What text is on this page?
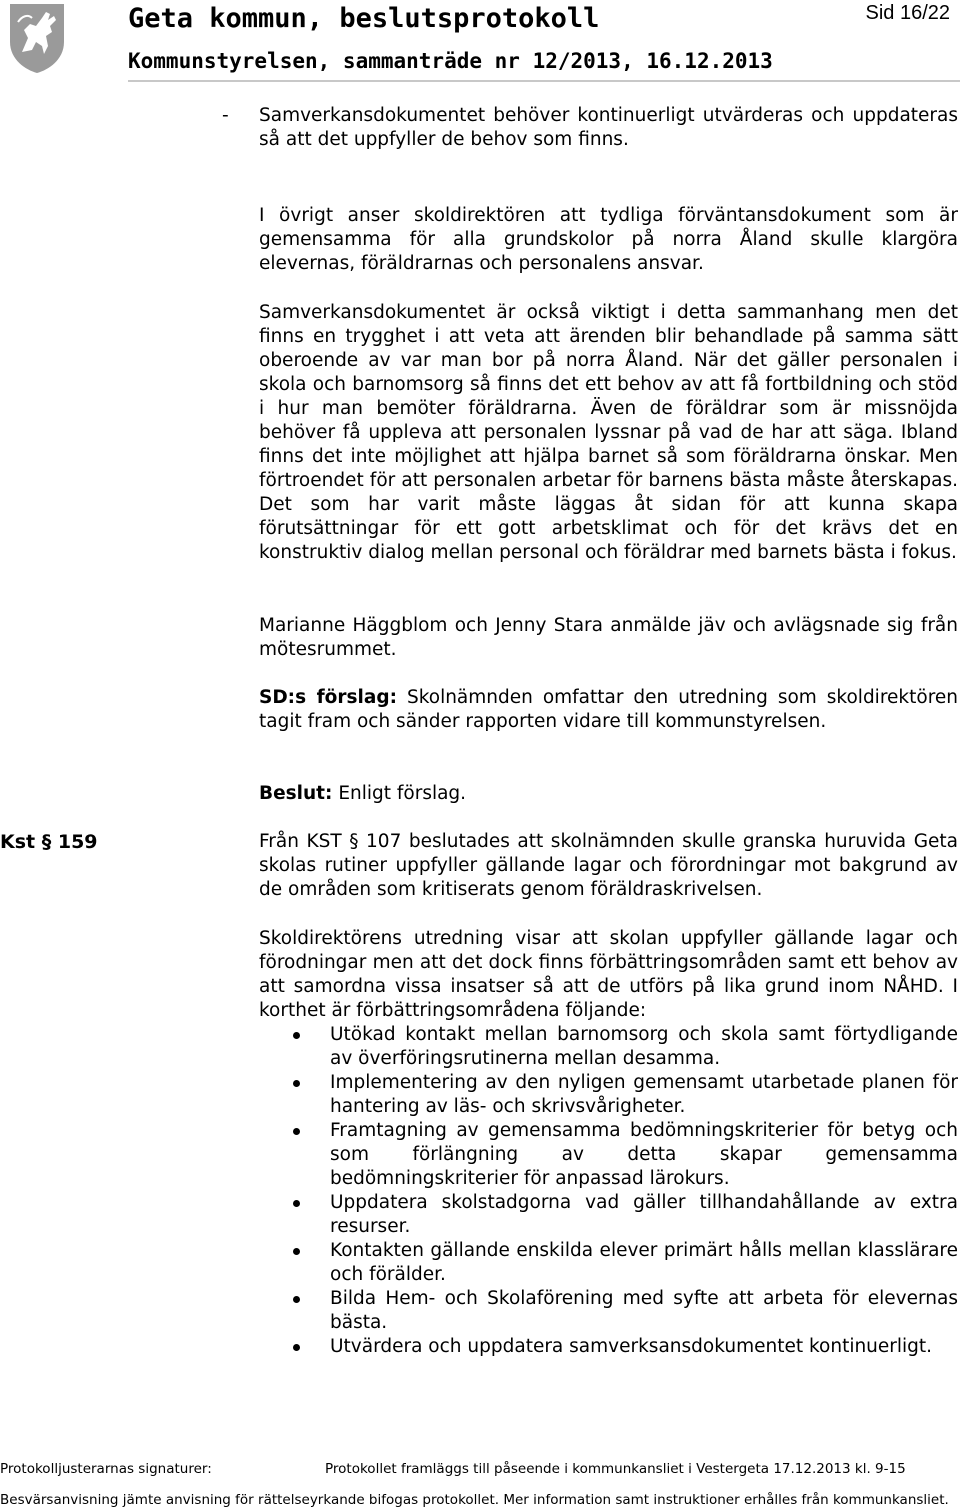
Geta kommun, beslutsprotokoll	Sid 16/22
Kommunstyrelsen, sammanträde nr 12/2013, 16.12.2013
- Samverkansdokumentet behöver kontinuerligt utvärderas och uppdateras så att det uppfyller de behov som finns.

I övrigt anser skoldirektören att tydliga förväntansdokument som är gemensamma för alla grundskolor på norra Åland skulle klargöra elevernas, föräldrarnas och personalens ansvar.

Samverkansdokumentet är också viktigt i detta sammanhang men det finns en trygghet i att veta att ärenden blir behandlade på samma sätt oberoende av var man bor på norra Åland. När det gäller personalen i skola och barnomsorg så finns det ett behov av att få fortbildning och stöd i hur man bemöter föräldrarna. Även de föräldrar som är missnöjda behöver få uppleva att personalen lyssnar på vad de har att säga. Ibland finns det inte möjlighet att hjälpa barnet så som föräldrarna önskar. Men förtroendet för att personalen arbetar för barnens bästa måste återskapas. Det som har varit måste läggas åt sidan för att kunna skapa förutsättningar för ett gott arbetsklimat och för det krävs det en konstruktiv dialog mellan personal och föräldrar med barnets bästa i fokus.

Marianne Häggblom och Jenny Stara anmälde jäv och avlägsnade sig från mötesrummet.

SD:s förslag: Skolnämnden omfattar den utredning som skoldirektören tagit fram och sänder rapporten vidare till kommunstyrelsen.

Beslut: Enligt förslag.

Kst § 159	Från KST § 107 beslutades att skolnämnden skulle granska huruvida Geta skolas rutiner uppfyller gällande lagar och förordningar mot bakgrund av de områden som kritiserats genom föräldraskrivelsen.

Skoldirektörens utredning visar att skolan uppfyller gällande lagar och förodningar men att det dock finns förbättringsområden samt ett behov av att samordna vissa insatser så att de utförs på lika grund inom NÅHD. I korthet är förbättringsområdena följande:

Utökad kontakt mellan barnomsorg och skola samt förtydligande av överföringsrutinerna mellan desamma.
Implementering av den nyligen gemensamt utarbetade planen för hantering av läs- och skrivsvårigheter.
Framtagning av gemensamma bedömningskriterier för betyg och som förlängning av detta skapar gemensamma bedömningskriterier för anpassad lärokurs.
Uppdatera skolstadgorna vad gäller tillhandahållande av extra resurser.
Kontakten gällande enskilda elever primärt hålls mellan klasslärare och förälder.
Bilda Hem- och Skolaförening med syfte att arbeta för elevernas bästa.
Utvärdera och uppdatera samverksansdokumentet kontinuerligt.
Protokolljusterarnas signaturer:	Protokollet framläggs till påseende i kommunkansliet i Vestergeta 17.12.2013 kl. 9-15
Besvärsanvisning jämte anvisning för rättelseyrkande bifogas protokollet. Mer information samt instruktioner erhålles från kommunkansliet.
